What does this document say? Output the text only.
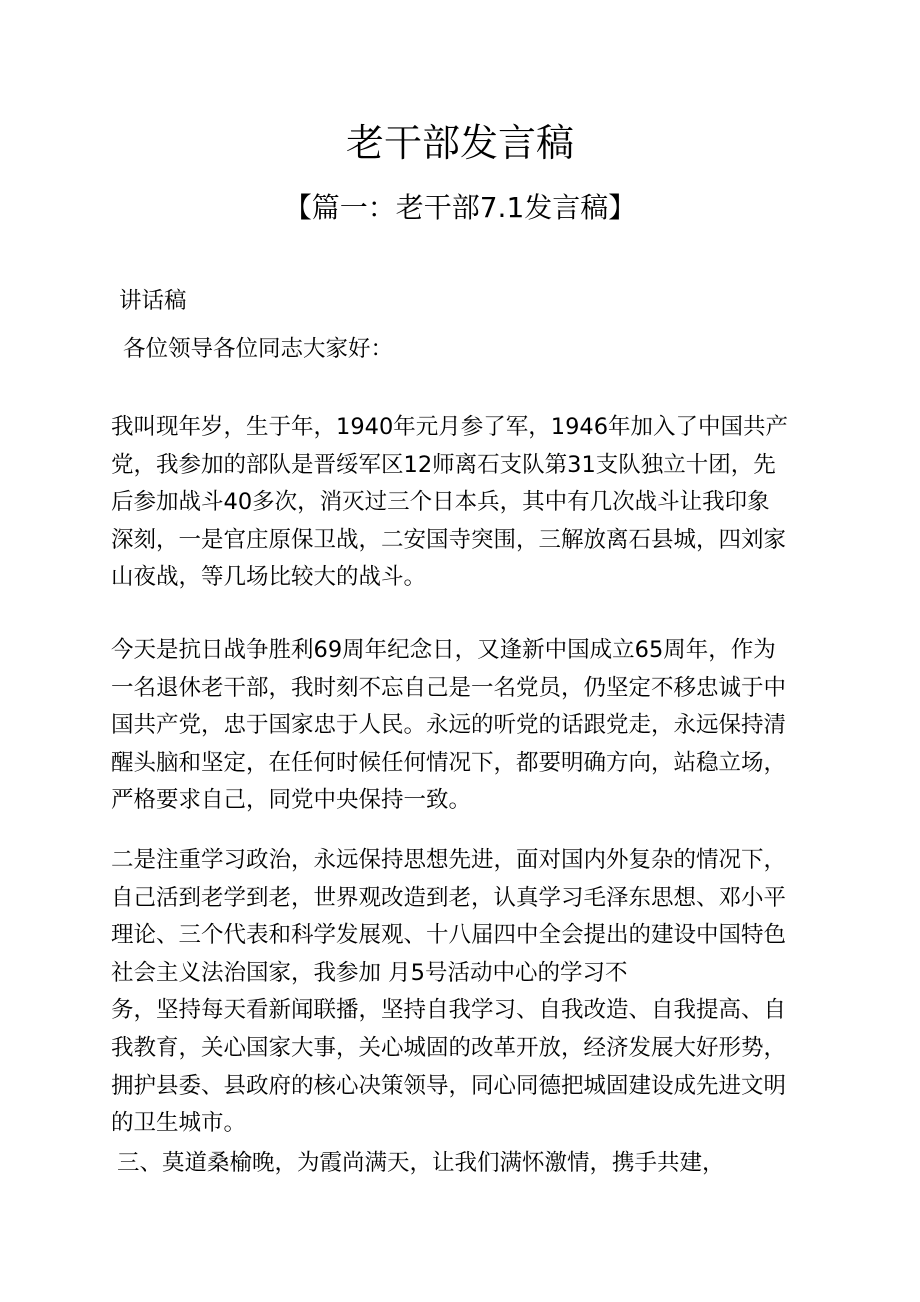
老干部发言稿
【篇一：老干部7.1发言稿】
讲话稿
各位领导各位同志大家好：
我叫现年岁，生于年，1940年元月参了军，1946年加入了中国共产
党，我参加的部队是晋绥军区12师离石支队第31支队独立十团，先
后参加战斗40多次，消灭过三个日本兵，其中有几次战斗让我印象
深刻，一是官庄原保卫战，二安国寺突围，三解放离石县城，四刘家
山夜战，等几场比较大的战斗。
今天是抗日战争胜利69周年纪念日，又逢新中国成立65周年，作为
一名退休老干部，我时刻不忘自己是一名党员，仍坚定不移忠诚于中
国共产党，忠于国家忠于人民。永远的听党的话跟党走，永远保持清
醒头脑和坚定，在任何时候任何情况下，都要明确方向，站稳立场，
严格要求自己，同党中央保持一致。
二是注重学习政治，永远保持思想先进，面对国内外复杂的情况下，
自己活到老学到老，世界观改造到老，认真学习毛泽东思想、邓小平
理论、三个代表和科学发展观、十八届四中全会提出的建设中国特色
社会主义法治国家，我参加 月5号活动中心的学习不
务，坚持每天看新闻联播，坚持自我学习、自我改造、自我提高、自
我教育，关心国家大事，关心城固的改革开放，经济发展大好形势，
拥护县委、县政府的核心决策领导，同心同德把城固建设成先进文明
的卫生城市。
三、莫道桑榆晚，为霞尚满天，让我们满怀激情，携手共建，
